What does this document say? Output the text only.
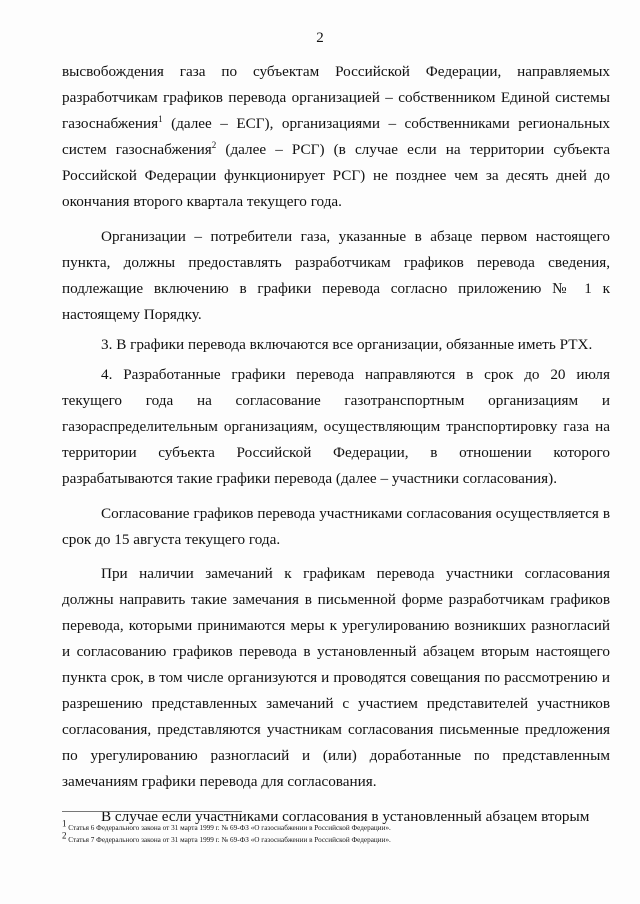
2

высвобождения газа по субъектам Российской Федерации, направляемых разработчикам графиков перевода организацией – собственником Единой системы газоснабжения$^1$ (далее – ЕСГ), организациями – собственниками региональных систем газоснабжения$^2$ (далее – РСГ) (в случае если на территории субъекта Российской Федерации функционирует РСГ) не позднее чем за десять дней до окончания второго квартала текущего года.

Организации – потребители газа, указанные в абзаце первом настоящего пункта, должны предоставлять разработчикам графиков перевода сведения, подлежащие включению в графики перевода согласно приложению № 1 к настоящему Порядку.

3. В графики перевода включаются все организации, обязанные иметь РТХ.

4. Разработанные графики перевода направляются в срок до 20 июля текущего года на согласование газотранспортным организациям и газораспределительным организациям, осуществляющим транспортировку газа на территории субъекта Российской Федерации, в отношении которого разрабатываются такие графики перевода (далее – участники согласования).

Согласование графиков перевода участниками согласования осуществляется в срок до 15 августа текущего года.

При наличии замечаний к графикам перевода участники согласования должны направить такие замечания в письменной форме разработчикам графиков перевода, которыми принимаются меры к урегулированию возникших разногласий и согласованию графиков перевода в установленный абзацем вторым настоящего пункта срок, в том числе организуются и проводятся совещания по рассмотрению и разрешению представленных замечаний с участием представителей участников согласования, представляются участникам согласования письменные предложения по урегулированию разногласий и (или) доработанные по представленным замечаниям графики перевода для согласования.

В случае если участниками согласования в установленный абзацем вторым

$^1$ Статья 6 Федерального закона от 31 марта 1999 г. № 69-ФЗ «О газоснабжении в Российской Федерации».

$^2$ Статья 7 Федерального закона от 31 марта 1999 г. № 69-ФЗ «О газоснабжении в Российской Федерации».
